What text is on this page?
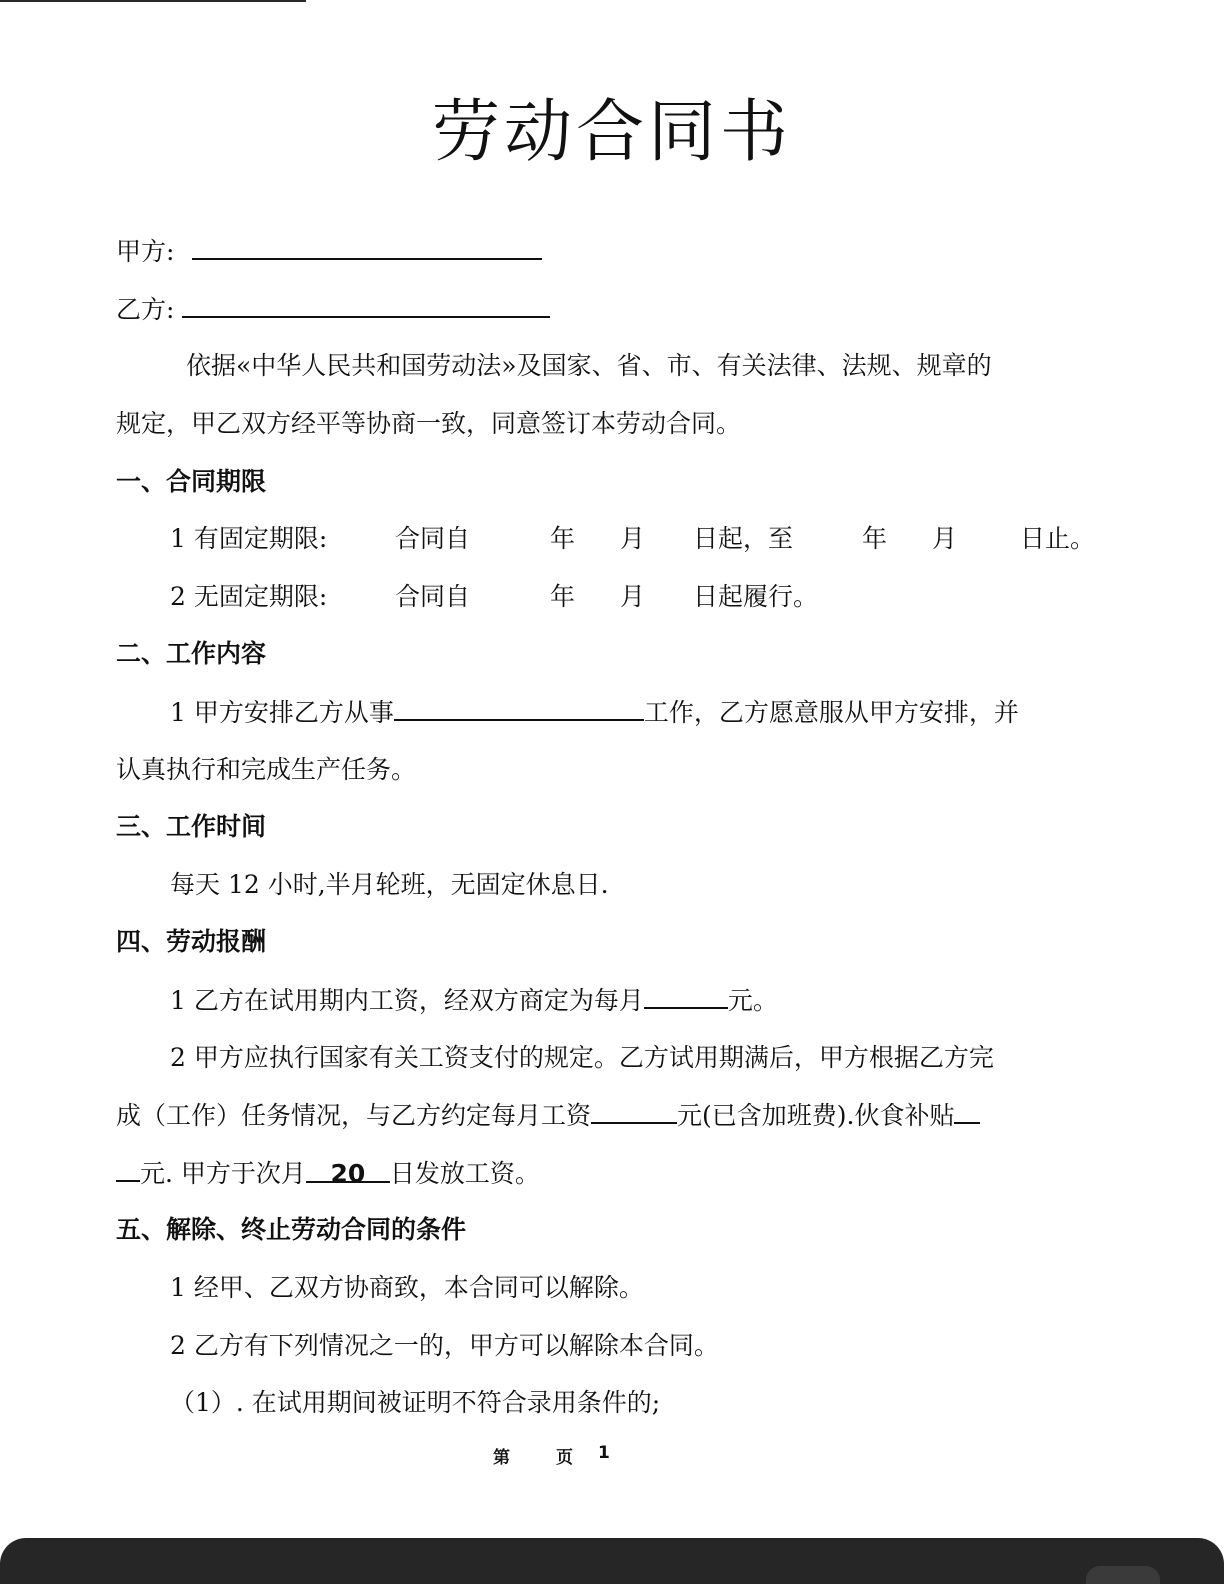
劳动合同书
甲方:
乙方:
依据«中华人民共和国劳动法»及国家、省、市、有关法律、法规、规章的
规定，甲乙双方经平等协商一致，同意签订本劳动合同。
一、合同期限
1 有固定期限:	合同自	年 月 日起，至	年 月	日止。
2 无固定期限:	合同自	年 月 日起履行。
二、工作内容
1 甲方安排乙方从事	工作，乙方愿意服从甲方安排，并
认真执行和完成生产任务。
三、工作时间
每天 12 小时,半月轮班，无固定休息日.
四、劳动报酬
1 乙方在试用期内工资，经双方商定为每月	元。
2 甲方应执行国家有关工资支付的规定。乙方试用期满后，甲方根据乙方完
成（工作）任务情况，与乙方约定每月工资	元(已含加班费).伙食补贴
元. 甲方于次月 20 日发放工资。
五、解除、终止劳动合同的条件
1 经甲、乙双方协商致，本合同可以解除。
2 乙方有下列情况之一的，甲方可以解除本合同。
（1）. 在试用期间被证明不符合录用条件的;
第	页 1
